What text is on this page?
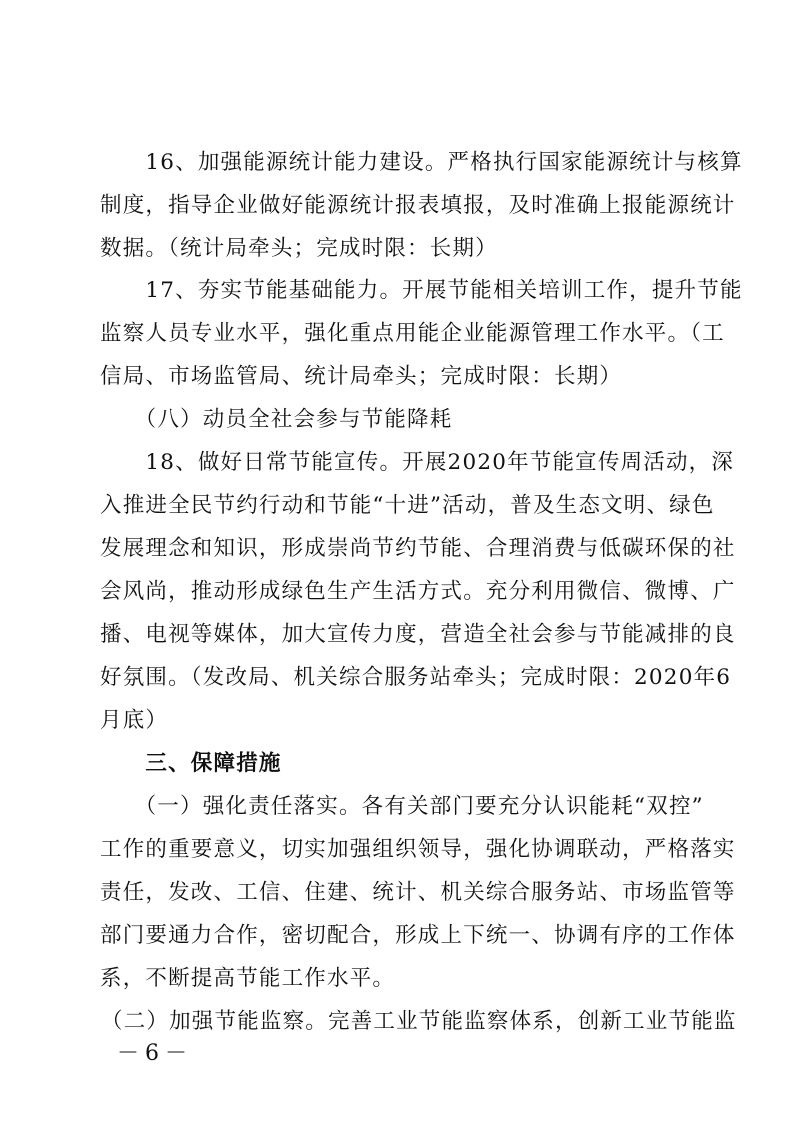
　　16、加强能源统计能力建设。严格执行国家能源统计与核算
制度，指导企业做好能源统计报表填报，及时准确上报能源统计
数据。（统计局牵头；完成时限：长期）
　　17、夯实节能基础能力。开展节能相关培训工作，提升节能
监察人员专业水平，强化重点用能企业能源管理工作水平。（工
信局、市场监管局、统计局牵头；完成时限：长期）
　　（八）动员全社会参与节能降耗
　　18、做好日常节能宣传。开展2020年节能宣传周活动，深
入推进全民节约行动和节能“十进”活动，普及生态文明、绿色
发展理念和知识，形成崇尚节约节能、合理消费与低碳环保的社
会风尚，推动形成绿色生产生活方式。充分利用微信、微博、广
播、电视等媒体，加大宣传力度，营造全社会参与节能减排的良
好氛围。（发改局、机关综合服务站牵头；完成时限：2020年6
月底）
　　三、保障措施
　　（一）强化责任落实。各有关部门要充分认识能耗“双控”
工作的重要意义，切实加强组织领导，强化协调联动，严格落实
责任，发改、工信、住建、统计、机关综合服务站、市场监管等
部门要通力合作，密切配合，形成上下统一、协调有序的工作体
系，不断提高节能工作水平。
（二）加强节能监察。完善工业节能监察体系，创新工业节能监
－6－
